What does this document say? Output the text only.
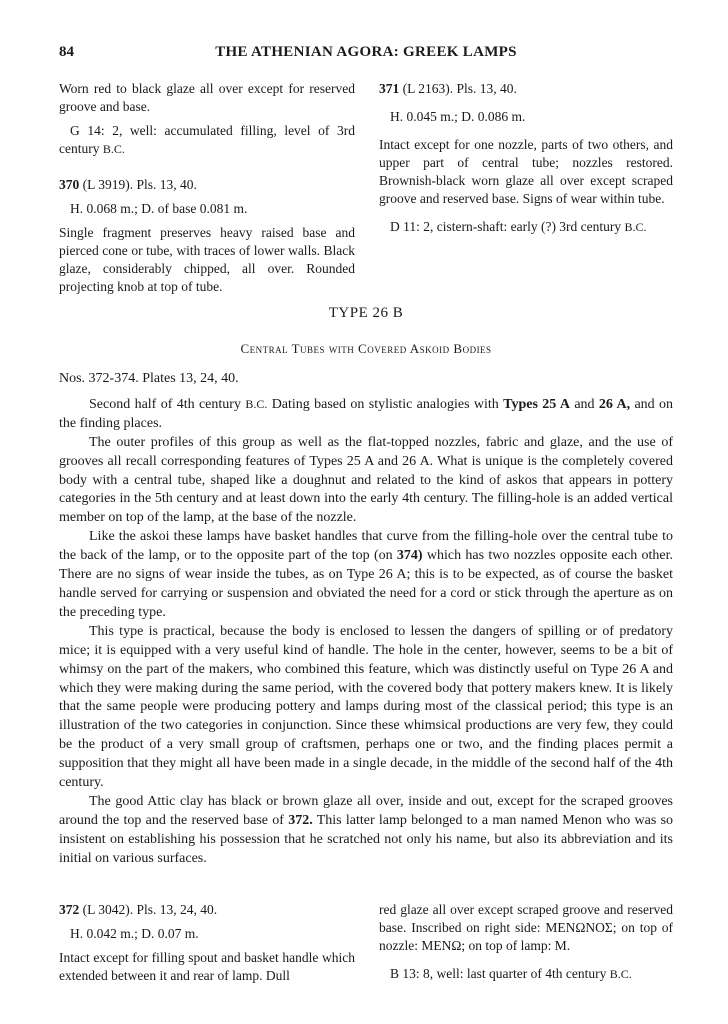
84	THE ATHENIAN AGORA: GREEK LAMPS

Worn red to black glaze all over except for reserved groove and base.

G 14: 2, well: accumulated filling, level of 3rd century B.C.

370 (L 3919). Pls. 13, 40.

H. 0.068 m.; D. of base 0.081 m.

Single fragment preserves heavy raised base and pierced cone or tube, with traces of lower walls. Black glaze, considerably chipped, all over. Rounded projecting knob at top of tube.

371 (L 2163). Pls. 13, 40.

H. 0.045 m.; D. 0.086 m.

Intact except for one nozzle, parts of two others, and upper part of central tube; nozzles restored. Brownish-black worn glaze all over except scraped groove and reserved base. Signs of wear within tube.

D 11: 2, cistern-shaft: early (?) 3rd century B.C.

TYPE 26 B
Central Tubes with Covered Askoid Bodies

Nos. 372-374. Plates 13, 24, 40.

Second half of 4th century B.C. Dating based on stylistic analogies with Types 25 A and 26 A, and on the finding places.

The outer profiles of this group as well as the flat-topped nozzles, fabric and glaze, and the use of grooves all recall corresponding features of Types 25 A and 26 A. What is unique is the completely covered body with a central tube, shaped like a doughnut and related to the kind of askos that appears in pottery categories in the 5th century and at least down into the early 4th century. The filling-hole is an added vertical member on top of the lamp, at the base of the nozzle.

Like the askoi these lamps have basket handles that curve from the filling-hole over the central tube to the back of the lamp, or to the opposite part of the top (on 374) which has two nozzles opposite each other. There are no signs of wear inside the tubes, as on Type 26 A; this is to be expected, as of course the basket handle served for carrying or suspension and obviated the need for a cord or stick through the aperture as on the preceding type.

This type is practical, because the body is enclosed to lessen the dangers of spilling or of predatory mice; it is equipped with a very useful kind of handle. The hole in the center, however, seems to be a bit of whimsy on the part of the makers, who combined this feature, which was distinctly useful on Type 26 A and which they were making during the same period, with the covered body that pottery makers knew. It is likely that the same people were producing pottery and lamps during most of the classical period; this type is an illustration of the two categories in conjunction. Since these whimsical productions are very few, they could be the product of a very small group of craftsmen, perhaps one or two, and the finding places permit a supposition that they might all have been made in a single decade, in the middle of the second half of the 4th century.

The good Attic clay has black or brown glaze all over, inside and out, except for the scraped grooves around the top and the reserved base of 372. This latter lamp belonged to a man named Menon who was so insistent on establishing his possession that he scratched not only his name, but also its abbreviation and its initial on various surfaces.

372 (L 3042). Pls. 13, 24, 40.

H. 0.042 m.; D. 0.07 m.

Intact except for filling spout and basket handle which extended between it and rear of lamp. Dull

red glaze all over except scraped groove and reserved base. Inscribed on right side: ΜΕΝΩΝΟΣ; on top of nozzle: ΜΕΝΩ; on top of lamp: Μ.

B 13: 8, well: last quarter of 4th century B.C.
